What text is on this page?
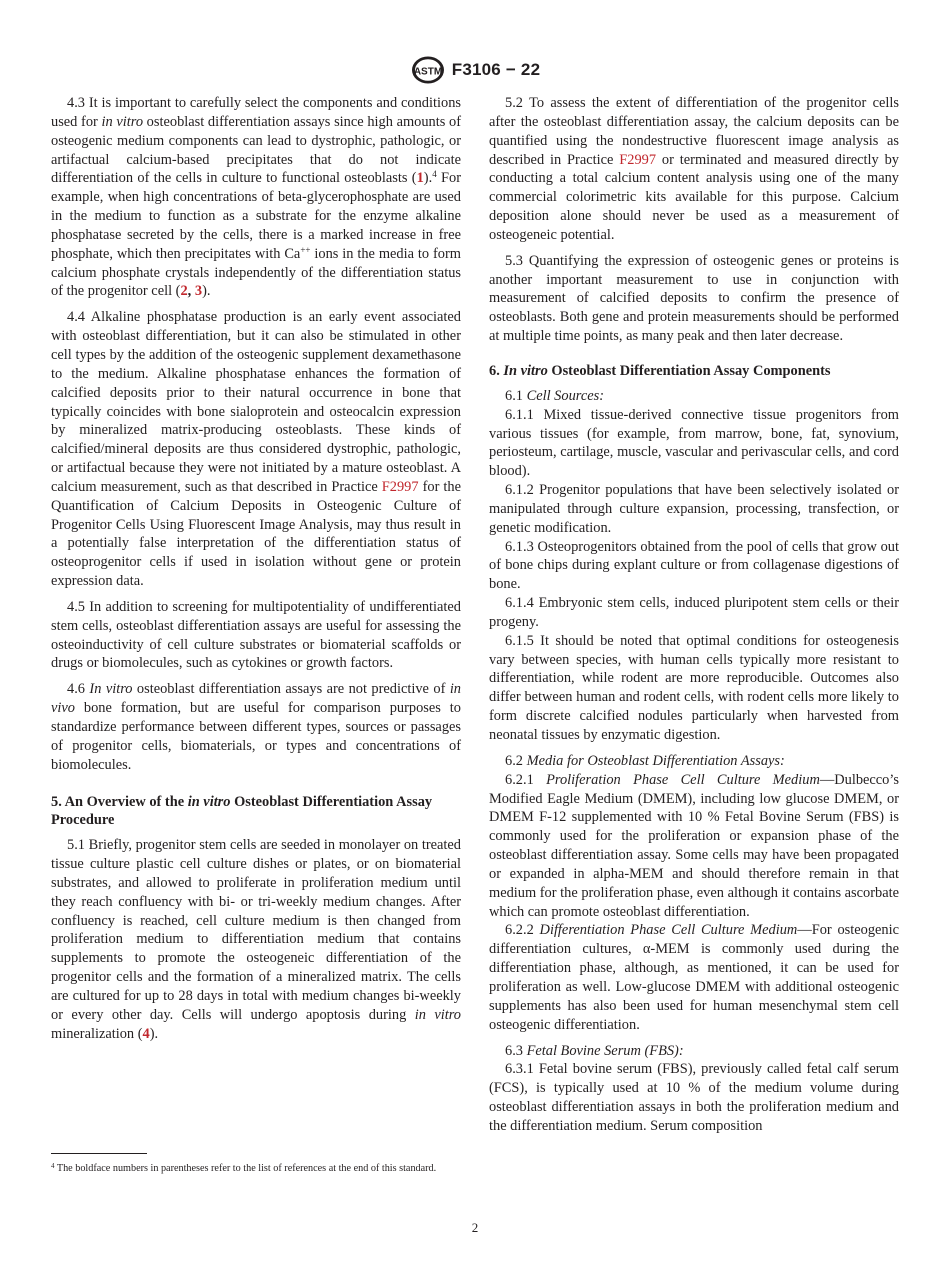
ASTM F3106 − 22

4.3 It is important to carefully select the components and conditions used for in vitro osteoblast differentiation assays since high amounts of osteogenic medium components can lead to dystrophic, pathologic, or artifactual calcium-based precipitates that do not indicate differentiation of the cells in culture to functional osteoblasts (1).$^4$ For example, when high concentrations of beta-glycerophosphate are used in the medium to function as a substrate for the enzyme alkaline phosphatase secreted by the cells, there is a marked increase in free phosphate, which then precipitates with Ca++ ions in the media to form calcium phosphate crystals independently of the differentiation status of the progenitor cell (2, 3).

4.4 Alkaline phosphatase production is an early event associated with osteoblast differentiation, but it can also be stimulated in other cell types by the addition of the osteogenic supplement dexamethasone to the medium. Alkaline phosphatase enhances the formation of calcified deposits prior to their natural occurrence in bone that typically coincides with bone sialoprotein and osteocalcin expression by mineralized matrix-producing osteoblasts. These kinds of calcified/mineral deposits are thus considered dystrophic, pathologic, or artifactual because they were not initiated by a mature osteoblast. A calcium measurement, such as that described in Practice F2997 for the Quantification of Calcium Deposits in Osteogenic Culture of Progenitor Cells Using Fluorescent Image Analysis, may thus result in a potentially false interpretation of the differentiation status of osteoprogenitor cells if used in isolation without gene or protein expression data.

4.5 In addition to screening for multipotentiality of undifferentiated stem cells, osteoblast differentiation assays are useful for assessing the osteoinductivity of cell culture substrates or biomaterial scaffolds or drugs or biomolecules, such as cytokines or growth factors.

4.6 In vitro osteoblast differentiation assays are not predictive of in vivo bone formation, but are useful for comparison purposes to standardize performance between different types, sources or passages of progenitor cells, biomaterials, or types and concentrations of biomolecules.

5. An Overview of the in vitro Osteoblast Differentiation Assay Procedure

5.1 Briefly, progenitor stem cells are seeded in monolayer on treated tissue culture plastic cell culture dishes or plates, or on biomaterial substrates, and allowed to proliferate in proliferation medium until they reach confluency with bi- or tri-weekly medium changes. After confluency is reached, cell culture medium is then changed from proliferation medium to differentiation medium that contains supplements to promote the osteogeneic differentiation of the progenitor cells and the formation of a mineralized matrix. The cells are cultured for up to 28 days in total with medium changes bi-weekly or every other day. Cells will undergo apoptosis during in vitro mineralization (4).

$^4$ The boldface numbers in parentheses refer to the list of references at the end of this standard.

5.2 To assess the extent of differentiation of the progenitor cells after the osteoblast differentiation assay, the calcium deposits can be quantified using the nondestructive fluorescent image analysis as described in Practice F2997 or terminated and measured directly by conducting a total calcium content analysis using one of the many commercial colorimetric kits available for this purpose. Calcium deposition alone should never be used as a measurement of osteogeneic potential.

5.3 Quantifying the expression of osteogenic genes or proteins is another important measurement to use in conjunction with measurement of calcified deposits to confirm the presence of osteoblasts. Both gene and protein measurements should be performed at multiple time points, as many peak and then later decrease.

6. In vitro Osteoblast Differentiation Assay Components

6.1 Cell Sources:

6.1.1 Mixed tissue-derived connective tissue progenitors from various tissues (for example, from marrow, bone, fat, synovium, periosteum, cartilage, muscle, vascular and perivascular cells, and cord blood).

6.1.2 Progenitor populations that have been selectively isolated or manipulated through culture expansion, processing, transfection, or genetic modification.

6.1.3 Osteoprogenitors obtained from the pool of cells that grow out of bone chips during explant culture or from collagenase digestions of bone.

6.1.4 Embryonic stem cells, induced pluripotent stem cells or their progeny.

6.1.5 It should be noted that optimal conditions for osteogenesis vary between species, with human cells typically more resistant to differentiation, while rodent are more reproducible. Outcomes also differ between human and rodent cells, with rodent cells more likely to form discrete calcified nodules particularly when harvested from neonatal tissues by enzymatic digestion.

6.2 Media for Osteoblast Differentiation Assays:

6.2.1 Proliferation Phase Cell Culture Medium—Dulbecco’s Modified Eagle Medium (DMEM), including low glucose DMEM, or DMEM F-12 supplemented with 10 % Fetal Bovine Serum (FBS) is commonly used for the proliferation or expansion phase of the osteoblast differentiation assay. Some cells may have been propagated or expanded in alpha-MEM and should therefore remain in that medium for the proliferation phase, even although it contains ascorbate which can promote osteoblast differentiation.

6.2.2 Differentiation Phase Cell Culture Medium—For osteogenic differentiation cultures, α-MEM is commonly used during the differentiation phase, although, as mentioned, it can be used for proliferation as well. Low-glucose DMEM with additional osteogenic supplements has also been used for human mesenchymal stem cell osteogenic differentiation.

6.3 Fetal Bovine Serum (FBS):

6.3.1 Fetal bovine serum (FBS), previously called fetal calf serum (FCS), is typically used at 10 % of the medium volume during osteoblast differentiation assays in both the proliferation medium and the differentiation medium. Serum composition

2
